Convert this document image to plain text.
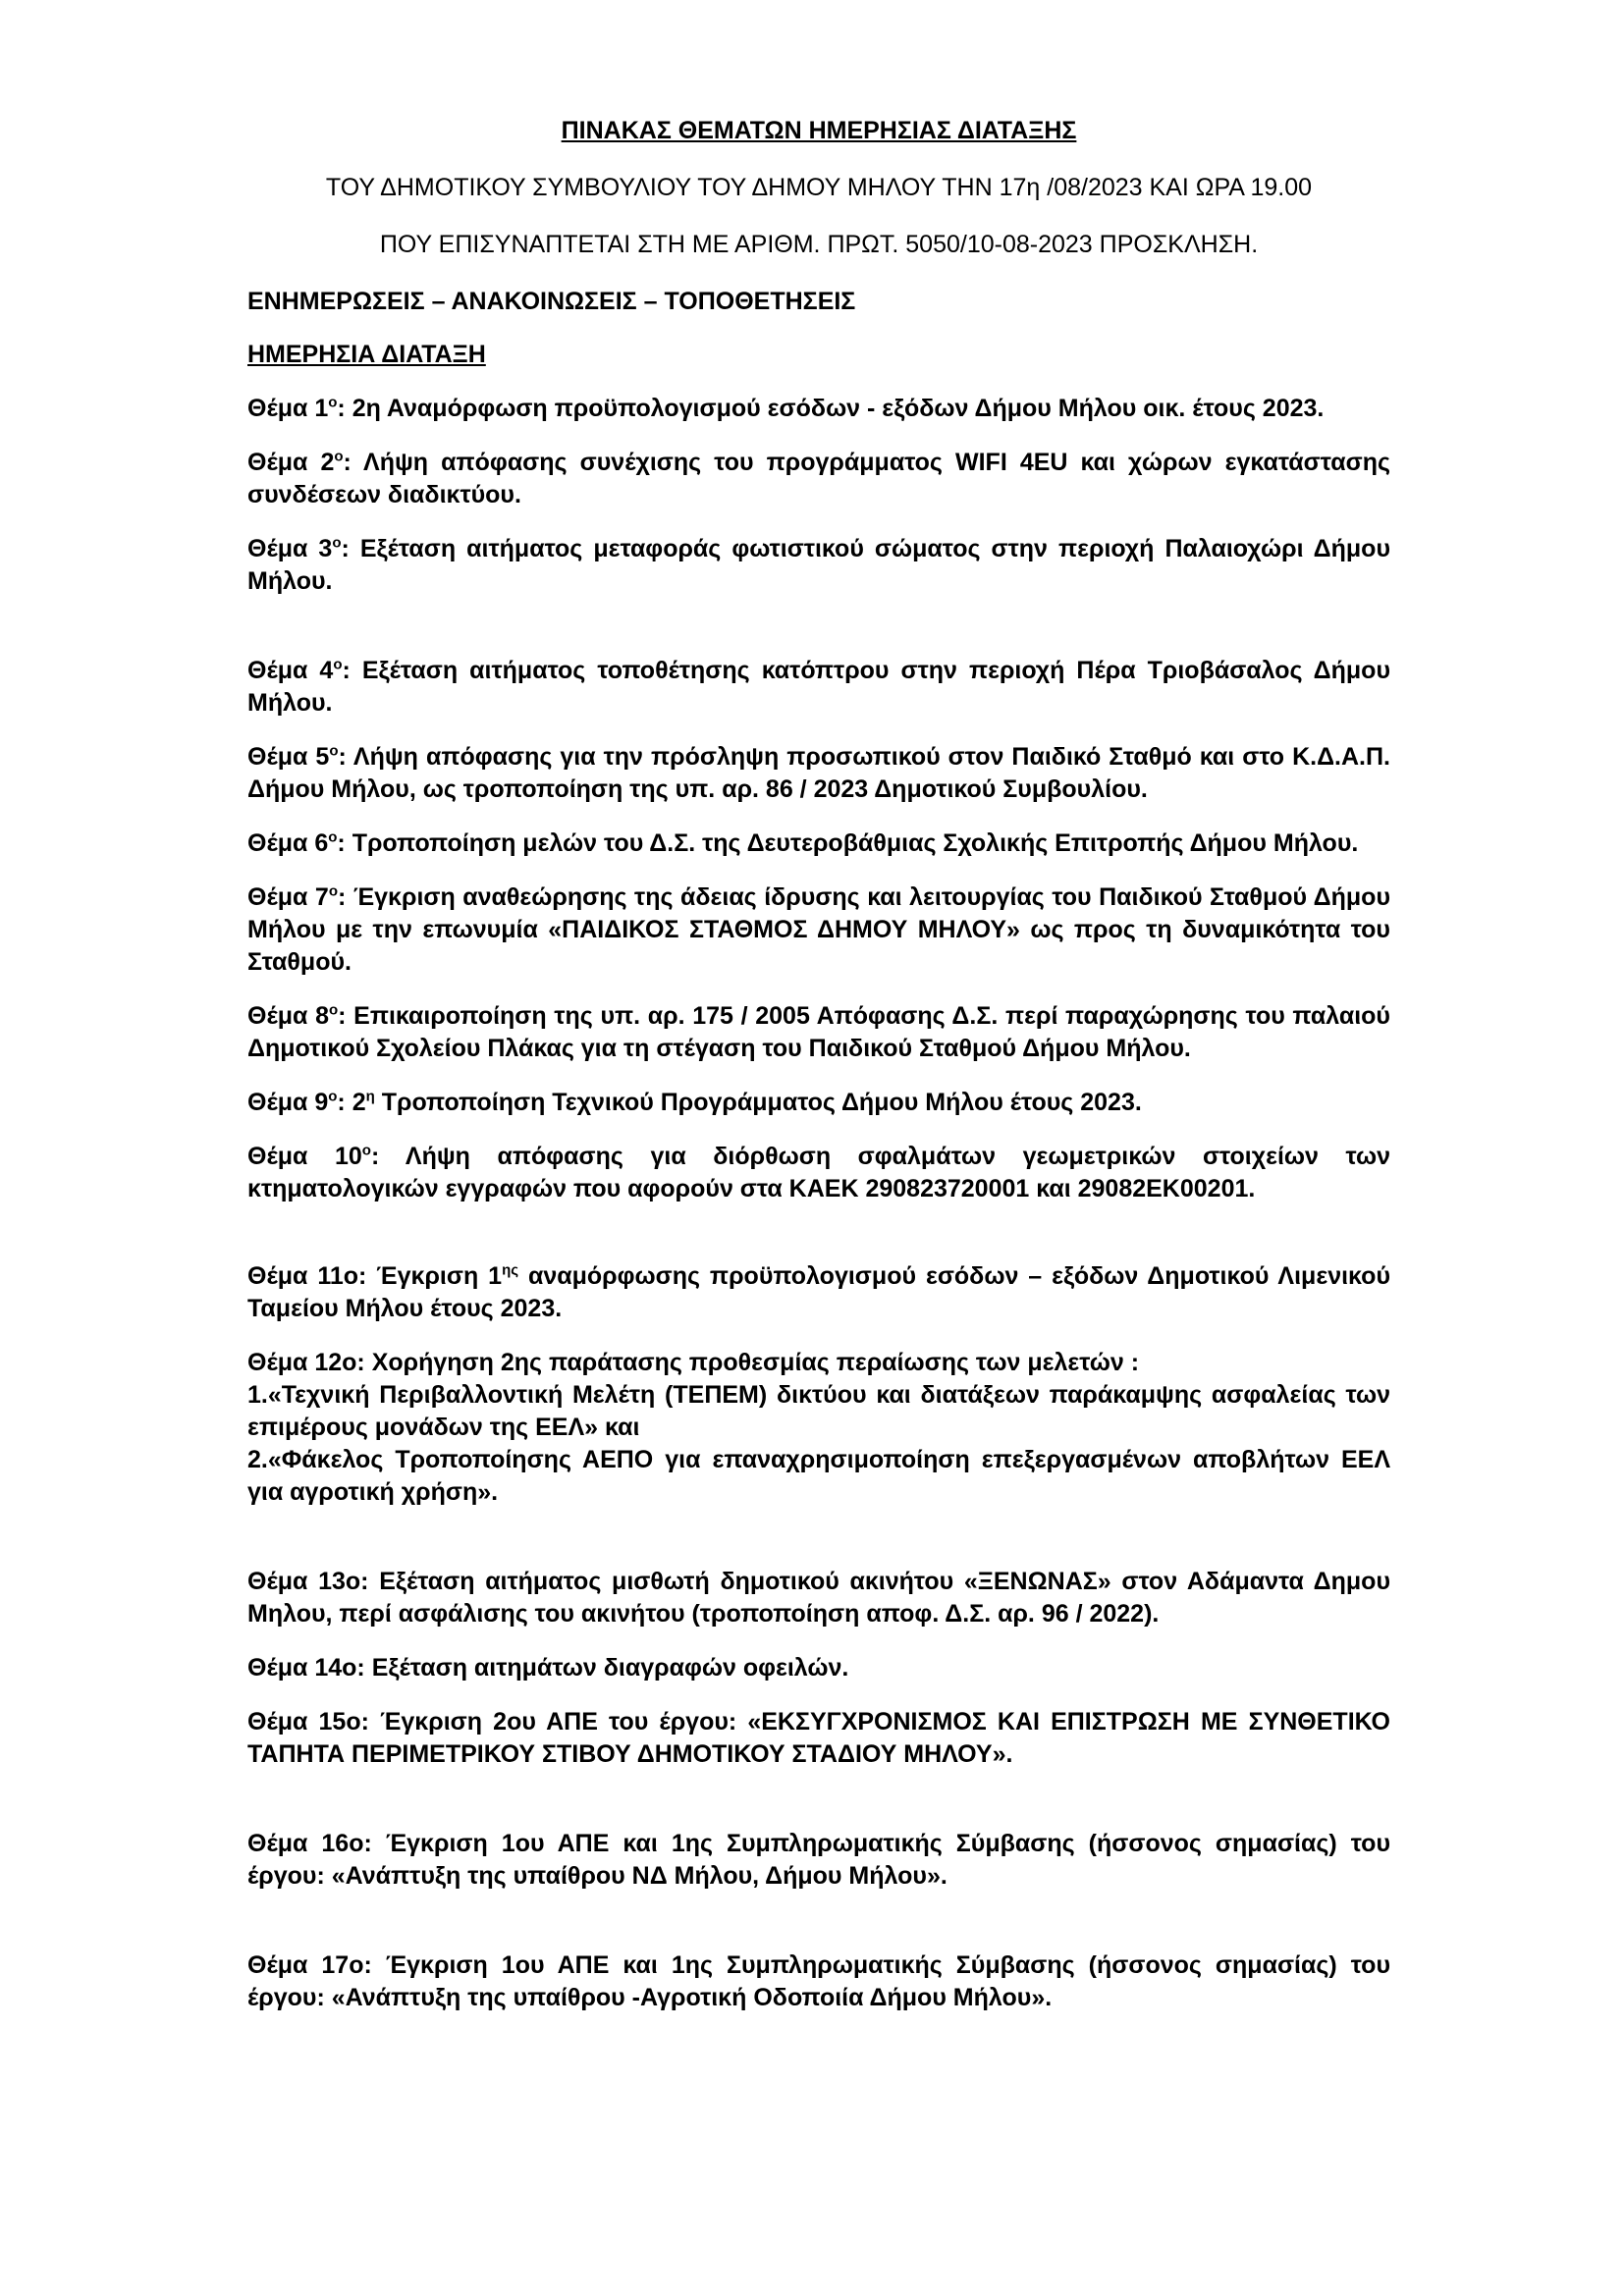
ΠΙΝΑΚΑΣ ΘΕΜΑΤΩΝ ΗΜΕΡΗΣΙΑΣ ΔΙΑΤΑΞΗΣ

ΤΟΥ ΔΗΜΟΤΙΚΟΥ ΣΥΜΒΟΥΛΙΟΥ ΤΟΥ ΔΗΜΟΥ ΜΗΛΟΥ ΤΗΝ 17η /08/2023 ΚΑΙ ΩΡΑ 19.00

ΠΟΥ ΕΠΙΣΥΝΑΠΤΕΤΑΙ ΣΤΗ ΜΕ ΑΡΙΘΜ. ΠΡΩΤ. 5050/10-08-2023 ΠΡΟΣΚΛΗΣΗ.

ΕΝΗΜΕΡΩΣΕΙΣ – ΑΝΑΚΟΙΝΩΣΕΙΣ – ΤΟΠΟΘΕΤΗΣΕΙΣ

ΗΜΕΡΗΣΙΑ ΔΙΑΤΑΞΗ

Θέμα $1^o$: 2η Αναμόρφωση προϋπολογισμού εσόδων - εξόδων Δήμου Μήλου οικ. έτους 2023.

Θέμα $2^o$: Λήψη απόφασης συνέχισης του προγράμματος WIFI 4EU και χώρων εγκατάστασης συνδέσεων διαδικτύου.

Θέμα $3^o$: Εξέταση αιτήματος μεταφοράς φωτιστικού σώματος στην περιοχή Παλαιοχώρι Δήμου Μήλου.

Θέμα $4^o$: Εξέταση αιτήματος τοποθέτησης κατόπτρου στην περιοχή Πέρα Τριοβάσαλος Δήμου Μήλου.

Θέμα $5^o$: Λήψη απόφασης για την πρόσληψη προσωπικού στον Παιδικό Σταθμό και στο Κ.Δ.Α.Π. Δήμου Μήλου, ως τροποποίηση της υπ. αρ. 86 / 2023 Δημοτικού Συμβουλίου.

Θέμα $6^o$: Τροποποίηση μελών του Δ.Σ. της Δευτεροβάθμιας Σχολικής Επιτροπής Δήμου Μήλου.

Θέμα $7^o$: Έγκριση αναθεώρησης της άδειας ίδρυσης και λειτουργίας του Παιδικού Σταθμού Δήμου Μήλου με την επωνυμία «ΠΑΙΔΙΚΟΣ ΣΤΑΘΜΟΣ ΔΗΜΟΥ ΜΗΛΟΥ» ως προς τη δυναμικότητα του Σταθμού.

Θέμα $8^o$: Επικαιροποίηση της υπ. αρ. 175 / 2005 Απόφασης Δ.Σ. περί παραχώρησης του παλαιού Δημοτικού Σχολείου Πλάκας για τη στέγαση του Παιδικού Σταθμού Δήμου Μήλου.

Θέμα $9^o$: $2^\eta$ Τροποποίηση Τεχνικού Προγράμματος Δήμου Μήλου έτους 2023.

Θέμα $10^o$: Λήψη απόφασης για διόρθωση σφαλμάτων γεωμετρικών στοιχείων των κτηματολογικών εγγραφών που αφορούν στα ΚΑΕΚ 290823720001 και 29082ΕΚ00201.

Θέμα 11ο: Έγκριση $1^{\eta\varsigma}$ αναμόρφωσης προϋπολογισμού εσόδων – εξόδων Δημοτικού Λιμενικού Ταμείου Μήλου έτους 2023.

Θέμα 12ο: Χορήγηση 2ης παράτασης προθεσμίας περαίωσης των μελετών :
1.«Τεχνική Περιβαλλοντική Μελέτη (ΤΕΠΕΜ) δικτύου και διατάξεων παράκαμψης ασφαλείας των επιμέρους μονάδων της ΕΕΛ» και
2.«Φάκελος Τροποποίησης ΑΕΠΟ για επαναχρησιμοποίηση επεξεργασμένων αποβλήτων ΕΕΛ για αγροτική χρήση».

Θέμα 13ο: Εξέταση αιτήματος μισθωτή δημοτικού ακινήτου «ΞΕΝΩΝΑΣ» στον Αδάμαντα Δημου Μηλου, περί ασφάλισης του ακινήτου (τροποποίηση αποφ. Δ.Σ. αρ. 96 / 2022).

Θέμα 14ο: Εξέταση αιτημάτων διαγραφών οφειλών.

Θέμα 15ο: Έγκριση 2ου ΑΠΕ του έργου: «ΕΚΣΥΓΧΡΟΝΙΣΜΟΣ ΚΑΙ ΕΠΙΣΤΡΩΣΗ ΜΕ ΣΥΝΘΕΤΙΚΟ ΤΑΠΗΤΑ ΠΕΡΙΜΕΤΡΙΚΟΥ ΣΤΙΒΟΥ ΔΗΜΟΤΙΚΟΥ ΣΤΑΔΙΟΥ ΜΗΛΟΥ».

Θέμα 16ο: Έγκριση 1ου ΑΠΕ και 1ης Συμπληρωματικής Σύμβασης (ήσσονος σημασίας) του έργου: «Ανάπτυξη της υπαίθρου ΝΔ Μήλου, Δήμου Μήλου».

Θέμα 17ο: Έγκριση 1ου ΑΠΕ και 1ης Συμπληρωματικής Σύμβασης (ήσσονος σημασίας) του έργου: «Ανάπτυξη της υπαίθρου -Αγροτική Οδοποιία Δήμου Μήλου».
